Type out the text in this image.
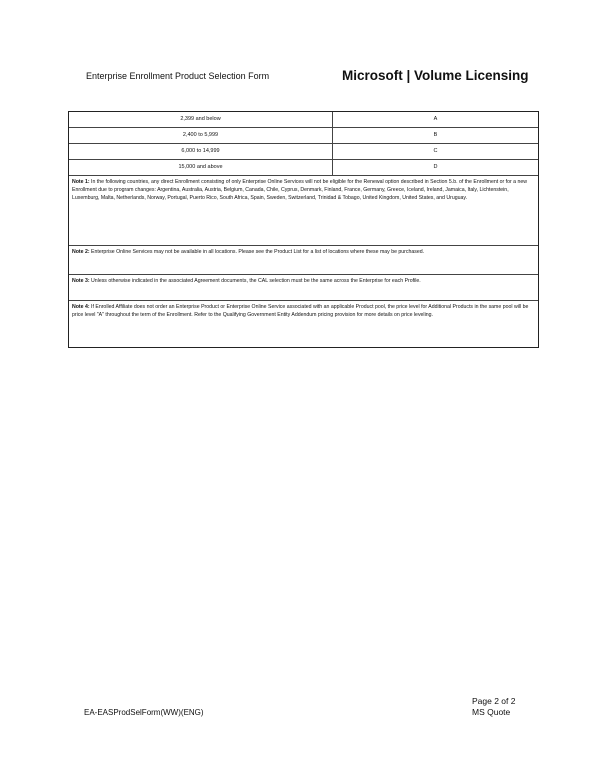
Enterprise Enrollment Product Selection Form	Microsoft | Volume Licensing
2,399 and below	A
2,400 to 5,999	B
6,000 to 14,999	C
15,000 and above	D
Note 1: In the following countries, any direct Enrollment consisting of only Enterprise Online Services will not be eligible for the Renewal option described in Section 5.b. of the Enrollment or for a new Enrollment due to program changes: Argentina, Australia, Austria, Belgium, Canada, Chile, Cyprus, Denmark, Finland, France, Germany, Greece, Iceland, Ireland, Jamaica, Italy, Lichtenstein, Luxemburg, Malta, Netherlands, Norway, Portugal, Puerto Rico, South Africa, Spain, Sweden, Switzerland, Trinidad & Tobago, United Kingdom, United States, and Uruguay.
Note 2: Enterprise Online Services may not be available in all locations. Please see the Product List for a list of locations where these may be purchased.
Note 3: Unless otherwise indicated in the associated Agreement documents, the CAL selection must be the same across the Enterprise for each Profile.
Note 4: If Enrolled Affiliate does not order an Enterprise Product or Enterprise Online Service associated with an applicable Product pool, the price level for Additional Products in the same pool will be price level "A" throughout the term of the Enrollment. Refer to the Qualifying Government Entity Addendum pricing provision for more details on price leveling.
EA-EASProdSelForm(WW)(ENG)
Page 2 of 2
MS Quote
